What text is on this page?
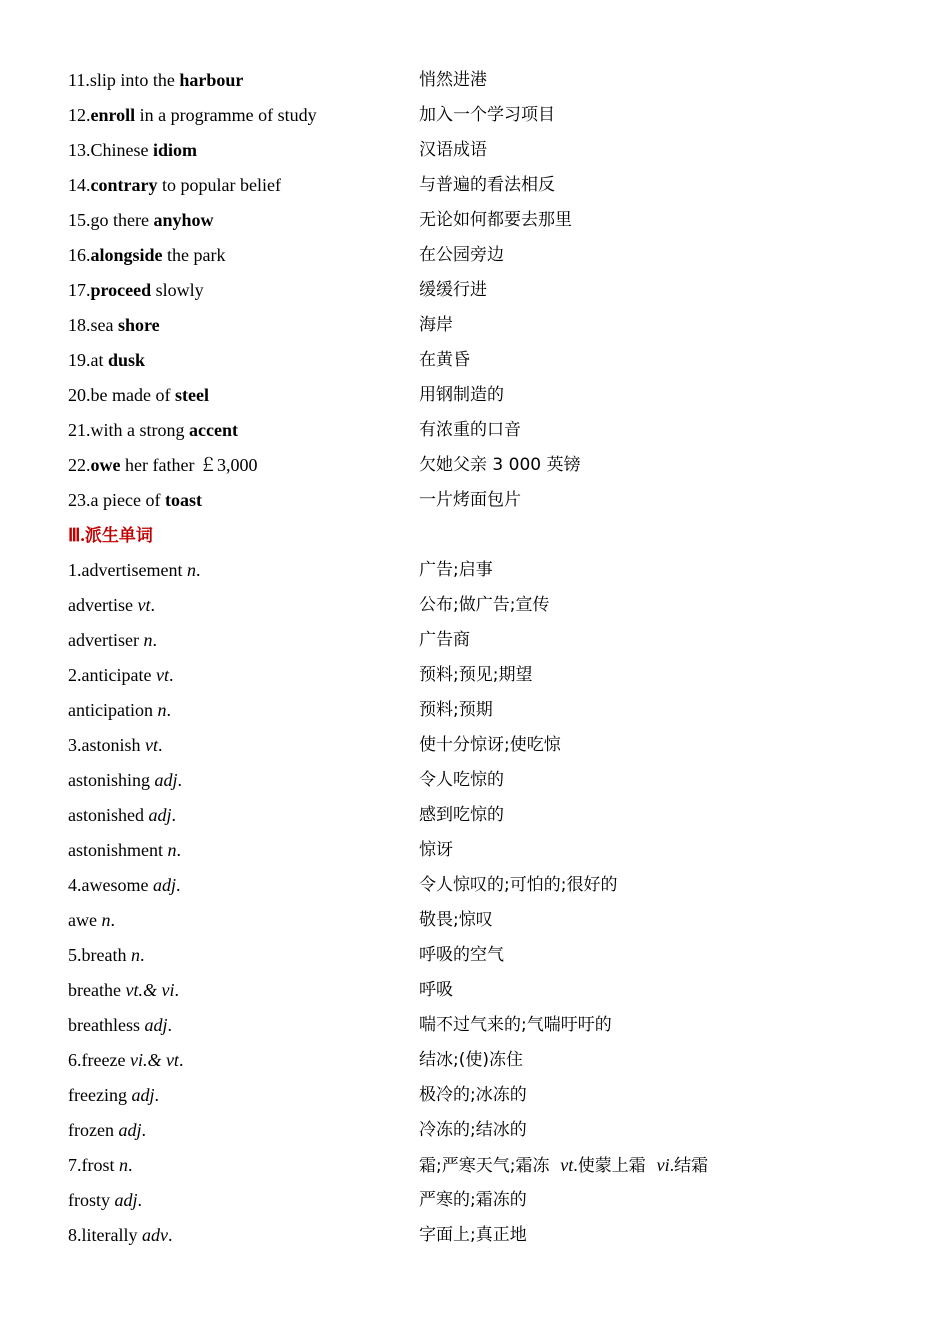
11.slip into the harbour	悄然进港
12.enroll in a programme of study	加入一个学习项目
13.Chinese idiom	汉语成语
14.contrary to popular belief	与普遍的看法相反
15.go there anyhow	无论如何都要去那里
16.alongside the park	在公园旁边
17.proceed slowly	缓缓行进
18.sea shore	海岸
19.at dusk	在黄昏
20.be made of steel	用钢制造的
21.with a strong accent	有浓重的口音
22.owe her father ￡3,000	欠她父亲 3 000 英镑
23.a piece of toast	一片烤面包片
Ⅲ.派生单词
1.advertisement n.	广告;启事
advertise vt.	公布;做广告;宣传
advertiser n.	广告商
2.anticipate vt.	预料;预见;期望
anticipation n.	预料;预期
3.astonish vt.	使十分惊讶;使吃惊
astonishing adj.	令人吃惊的
astonished adj.	感到吃惊的
astonishment n.	惊讶
4.awesome adj.	令人惊叹的;可怕的;很好的
awe n.	敬畏;惊叹
5.breath n.	呼吸的空气
breathe vt.& vi.	呼吸
breathless adj.	喘不过气来的;气喘吁吁的
6.freeze vi.& vt.	结冰;(使)冻住
freezing adj.	极冷的;冰冻的
frozen adj.	冷冻的;结冰的
7.frost n.	霜;严寒天气;霜冻 vt.使蒙上霜 vi.结霜
frosty adj.	严寒的;霜冻的
8.literally adv.	字面上;真正地
